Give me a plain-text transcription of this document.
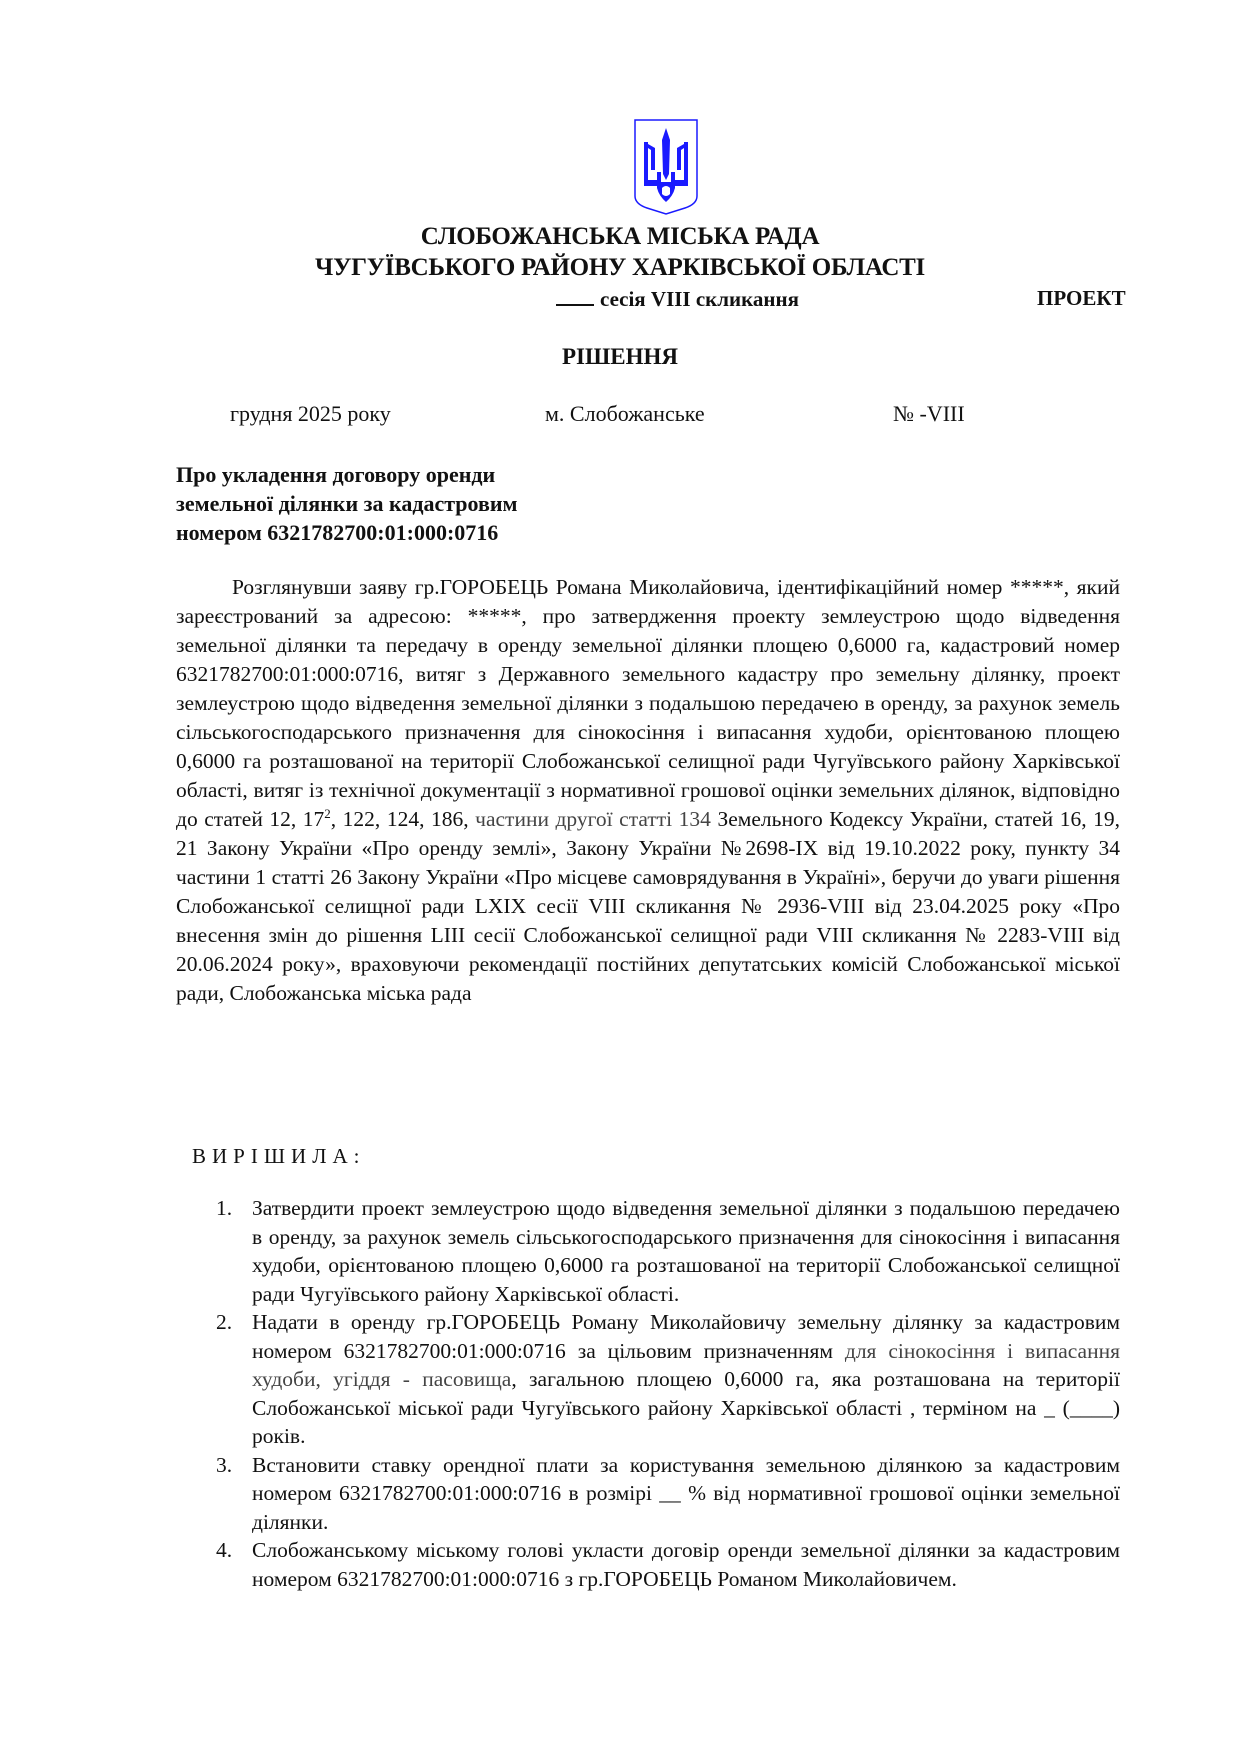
СЛОБОЖАНСЬКА МІСЬКА РАДА
ЧУГУЇВСЬКОГО РАЙОНУ ХАРКІВСЬКОЇ ОБЛАСТІ
сесія VIII скликання	ПРОЕКТ
РІШЕННЯ
грудня 2025 року	м. Слобожанське	№ -VIII
Про укладення договору оренди
земельної ділянки за кадастровим
номером 6321782700:01:000:0716
Розглянувши заяву гр.ГОРОБЕЦЬ Романа Миколайовича, ідентифікаційний номер *****, який зареєстрований за адресою: *****, про затвердження проекту землеустрою щодо відведення земельної ділянки та передачу в оренду земельної ділянки площею 0,6000 га, кадастровий номер 6321782700:01:000:0716, витяг з Державного земельного кадастру про земельну ділянку, проект землеустрою щодо відведення земельної ділянки з подальшою передачею в оренду, за рахунок земель сільськогосподарського призначення для сінокосіння і випасання худоби, орієнтованою площею 0,6000 га розташованої на території Слобожанської селищної ради Чугуївського району Харківської області, витяг із технічної документації з нормативної грошової оцінки земельних ділянок, відповідно до статей 12, $17^2$, 122, 124, 186, частини другої статті 134 Земельного Кодексу України, статей 16, 19, 21 Закону України «Про оренду землі», Закону України №2698-IX від 19.10.2022 року, пункту 34 частини 1 статті 26 Закону України «Про місцеве самоврядування в Україні», беручи до уваги рішення Слобожанської селищної ради LXIX сесії VIII скликання № 2936-VIII від 23.04.2025 року «Про внесення змін до рішення LIII сесії Слобожанської селищної ради VIII скликання № 2283-VIII від 20.06.2024 року», враховуючи рекомендації постійних депутатських комісій Слобожанської міської ради, Слобожанська міська рада
ВИРІШИЛА:
1. Затвердити проект землеустрою щодо відведення земельної ділянки з подальшою передачею в оренду, за рахунок земель сільськогосподарського призначення для сінокосіння і випасання худоби, орієнтованою площею 0,6000 га розташованої на території Слобожанської селищної ради Чугуївського району Харківської області.
2. Надати в оренду гр.ГОРОБЕЦЬ Роману Миколайовичу земельну ділянку за кадастровим номером 6321782700:01:000:0716 за цільовим призначенням для сінокосіння і випасання худоби, угіддя - пасовища, загальною площею 0,6000 га, яка розташована на території Слобожанської міської ради Чугуївського району Харківської області , терміном на _ (____) років.
3. Встановити ставку орендної плати за користування земельною ділянкою за кадастровим номером 6321782700:01:000:0716 в розмірі __ % від нормативної грошової оцінки земельної ділянки.
4. Слобожанському міському голові укласти договір оренди земельної ділянки за кадастровим номером 6321782700:01:000:0716 з гр.ГОРОБЕЦЬ Романом Миколайовичем.
